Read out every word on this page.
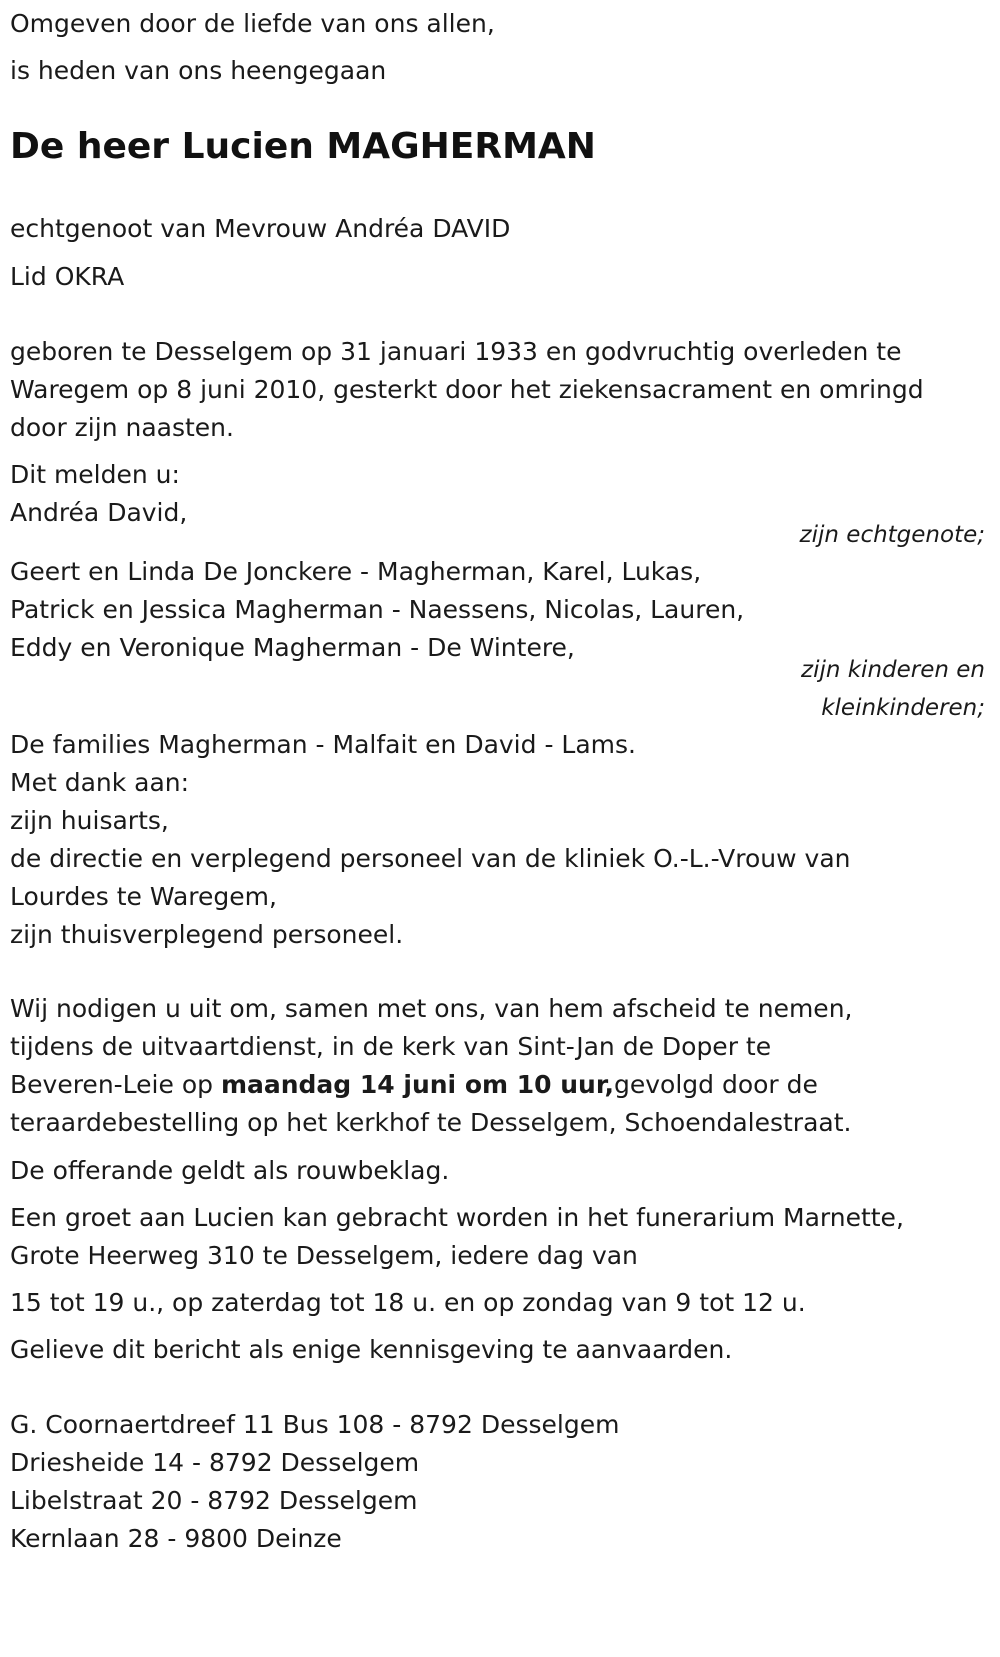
Omgeven door de liefde van ons allen,
is heden van ons heengegaan
De heer Lucien MAGHERMAN
echtgenoot van Mevrouw Andréa DAVID
Lid OKRA
geboren te Desselgem op 31 januari 1933 en godvruchtig overleden te
Waregem op 8 juni 2010, gesterkt door het ziekensacrament en omringd
door zijn naasten.
Dit melden u:
Andréa David,
zijn echtgenote;
Geert en Linda De Jonckere - Magherman, Karel, Lukas,
Patrick en Jessica Magherman - Naessens, Nicolas, Lauren,
Eddy en Veronique Magherman - De Wintere,
zijn kinderen en
kleinkinderen;
De families Magherman - Malfait en David - Lams.
Met dank aan:
zijn huisarts,
de directie en verplegend personeel van de kliniek O.-L.-Vrouw van
Lourdes te Waregem,
zijn thuisverplegend personeel.
Wij nodigen u uit om, samen met ons, van hem afscheid te nemen,
tijdens de uitvaartdienst, in de kerk van Sint-Jan de Doper te
Beveren-Leie op maandag 14 juni om 10 uur,gevolgd door de
teraardebestelling op het kerkhof te Desselgem, Schoendalestraat.
De offerande geldt als rouwbeklag.
Een groet aan Lucien kan gebracht worden in het funerarium Marnette,
Grote Heerweg 310 te Desselgem, iedere dag van
15 tot 19 u., op zaterdag tot 18 u. en op zondag van 9 tot 12 u.
Gelieve dit bericht als enige kennisgeving te aanvaarden.
G. Coornaertdreef 11 Bus 108 - 8792 Desselgem
Driesheide 14 - 8792 Desselgem
Libelstraat 20 - 8792 Desselgem
Kernlaan 28 - 9800 Deinze
